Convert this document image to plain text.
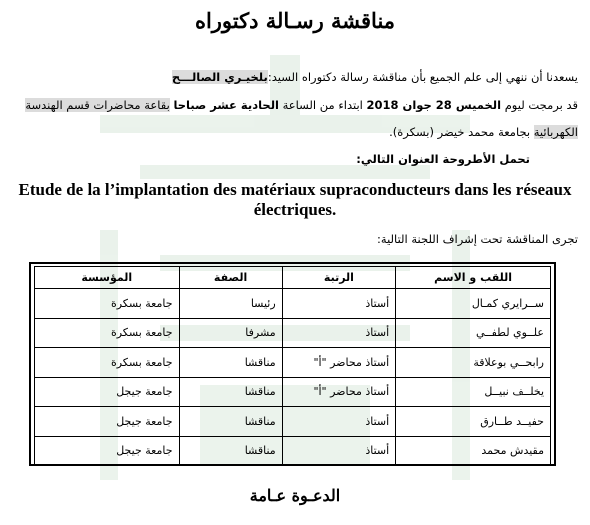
مناقشة رسـالة دكتوراه
يسعدنا أن ننهي إلى علم الجميع بأن مناقشة رسالة دكتوراه السيد:بلخيـري الصالـــح
قد برمجت ليوم الخميس 28 جوان 2018 ابتداء من الساعة الحادية عشر صباحا بقاعة محاضرات قسم الهندسة
الكهربائية بجامعة محمد خيضر (بسكرة).
تحمل الأطروحة العنوان التالي:
Etude de la l’implantation des matériaux supraconducteurs dans les réseaux électriques.
تجرى المناقشة تحت إشراف اللجنة التالية:
اللقب و الاسم	الرتبة	الصفة	المؤسسة
ســرايري كمـال	أستاذ	رئيسا	جامعة بسكرة
علــوي لطفــي	أستاذ	مشرفا	جامعة بسكرة
رابحــي بوعلاقة	أستاذ محاضر "أ"	مناقشا	جامعة بسكرة
يخلــف نبيــل	أستاذ محاضر "أ"	مناقشا	جامعة جيجل
حفيــد طــارق	أستاذ	مناقشا	جامعة جيجل
مقيدش محمد	أستاذ	مناقشا	جامعة جيجل
الدعـوة عـامة
